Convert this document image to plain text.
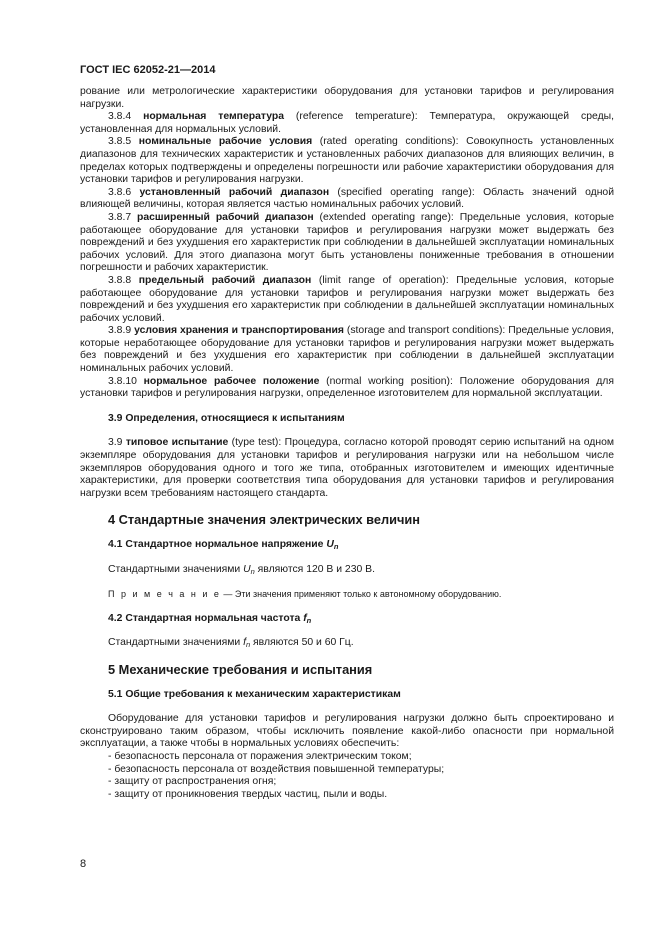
ГОСТ IEC 62052-21—2014

рование или метрологические характеристики оборудования для установки тарифов и регулирования нагрузки.

3.8.4 нормальная температура (reference temperature): Температура, окружающей среды, установленная для нормальных условий.

3.8.5 номинальные рабочие условия (rated operating conditions): Совокупность установленных диапазонов для технических характеристик и установленных рабочих диапазонов для влияющих величин, в пределах которых подтверждены и определены погрешности или рабочие характеристики оборудования для установки тарифов и регулирования нагрузки.

3.8.6 установленный рабочий диапазон (specified operating range): Область значений одной влияющей величины, которая является частью номинальных рабочих условий.

3.8.7 расширенный рабочий диапазон (extended operating range): Предельные условия, которые работающее оборудование для установки тарифов и регулирования нагрузки может выдержать без повреждений и без ухудшения его характеристик при соблюдении в дальнейшей эксплуатации номинальных рабочих условий. Для этого диапазона могут быть установлены пониженные требования в отношении погрешности и рабочих характеристик.

3.8.8 предельный рабочий диапазон (limit range of operation): Предельные условия, которые работающее оборудование для установки тарифов и регулирования нагрузки может выдержать без повреждений и без ухудшения его характеристик при соблюдении в дальнейшей эксплуатации номинальных рабочих условий.

3.8.9 условия хранения и транспортирования (storage and transport conditions): Предельные условия, которые неработающее оборудование для установки тарифов и регулирования нагрузки может выдержать без повреждений и без ухудшения его характеристик при соблюдении в дальнейшей эксплуатации номинальных рабочих условий.

3.8.10 нормальное рабочее положение (normal working position): Положение оборудования для установки тарифов и регулирования нагрузки, определенное изготовителем для нормальной эксплуатации.

3.9 Определения, относящиеся к испытаниям

3.9 типовое испытание (type test): Процедура, согласно которой проводят серию испытаний на одном экземпляре оборудования для установки тарифов и регулирования нагрузки или на небольшом числе экземпляров оборудования одного и того же типа, отобранных изготовителем и имеющих идентичные характеристики, для проверки соответствия типа оборудования для установки тарифов и регулирования нагрузки всем требованиям настоящего стандарта.

4 Стандартные значения электрических величин
4.1 Стандартное нормальное напряжение $U_n$

Стандартными значениями $U_n$ являются 120 В и 230 В.

П р и м е ч а н и е — Эти значения применяют только к автономному оборудованию.

4.2 Стандартная нормальная частота $f_n$

Стандартными значениями $f_n$ являются 50 и 60 Гц.

5 Механические требования и испытания
5.1 Общие требования к механическим характеристикам

Оборудование для установки тарифов и регулирования нагрузки должно быть спроектировано и сконструировано таким образом, чтобы исключить появление какой-либо опасности при нормальной эксплуатации, а также чтобы в нормальных условиях обеспечить:

- безопасность персонала от поражения электрическим током;

- безопасность персонала от воздействия повышенной температуры;

- защиту от распространения огня;

- защиту от проникновения твердых частиц, пыли и воды.

8
